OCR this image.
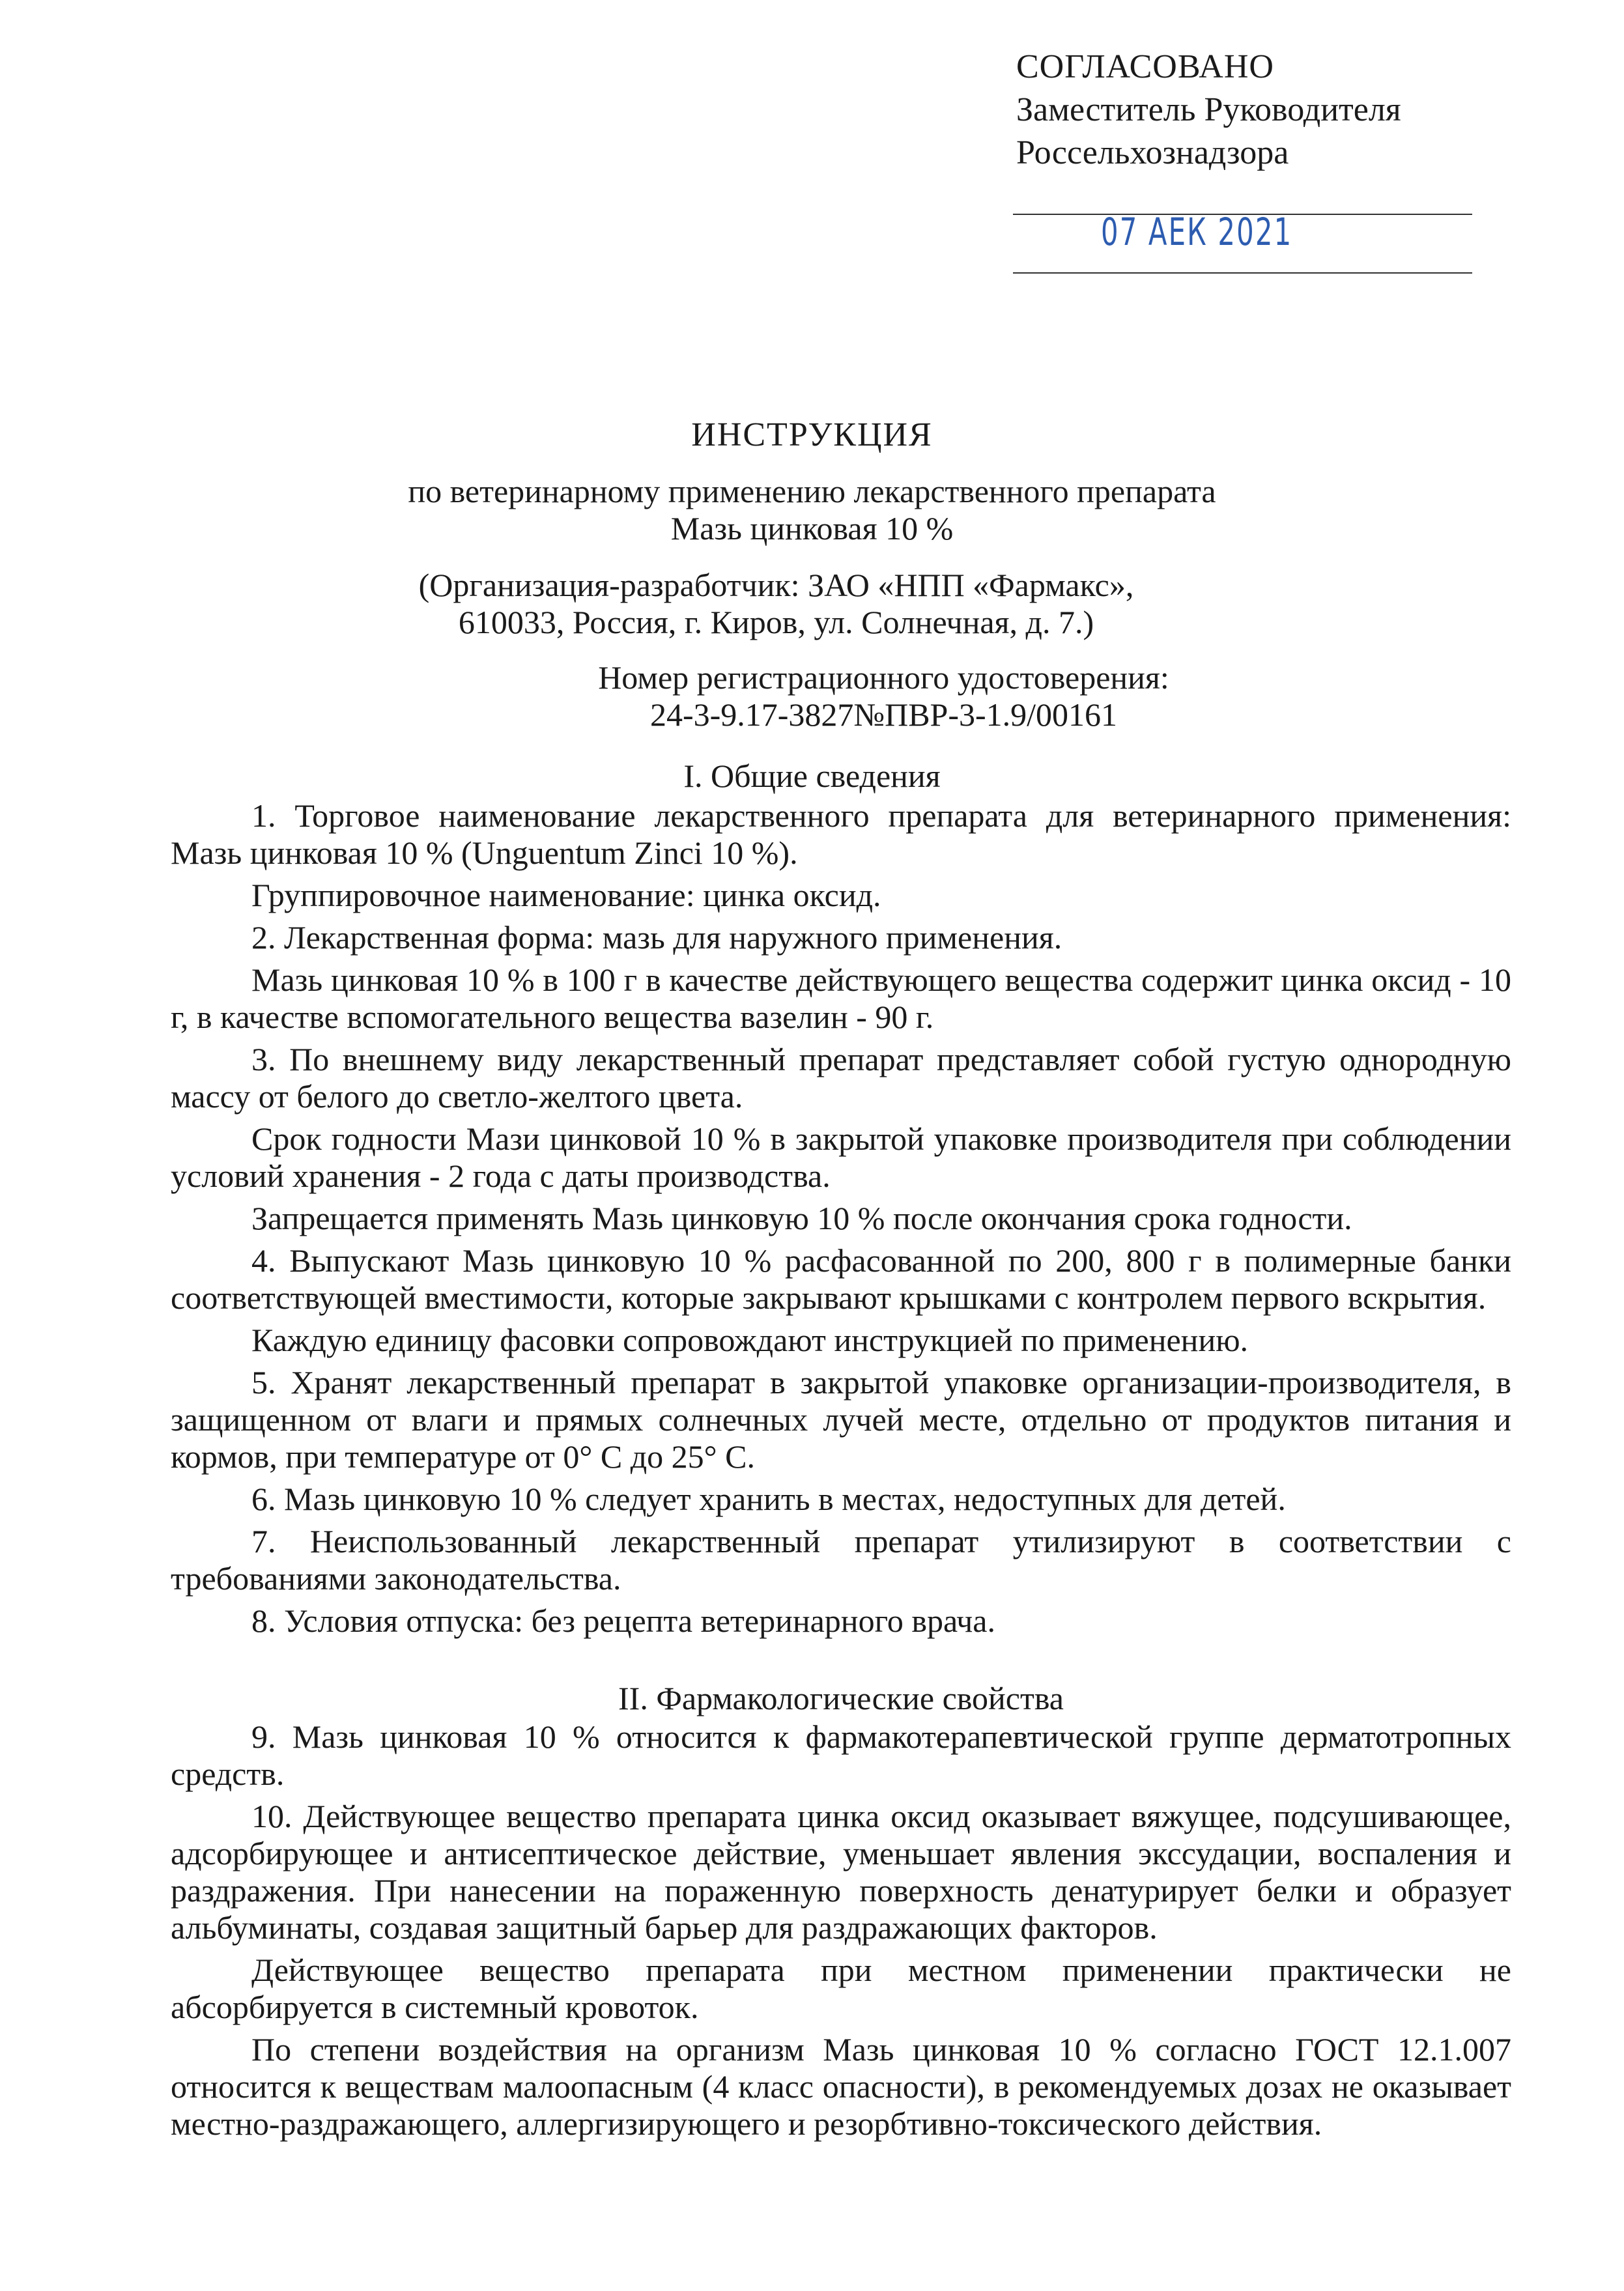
СОГЛАСОВАНО
Заместитель Руководителя
Россельхознадзора
07 АЕК 2021
ИНСТРУКЦИЯ
по ветеринарному применению лекарственного препарата
Мазь цинковая 10 %
(Организация-разработчик: ЗАО «НПП «Фармакс»,
610033, Россия, г. Киров, ул. Солнечная, д. 7.)
Номер регистрационного удостоверения:
24-3-9.17-3827№ПВР-3-1.9/00161
I. Общие сведения

1. Торговое наименование лекарственного препарата для ветеринарного применения: Мазь цинковая 10 % (Unguentum Zinci 10 %).

Группировочное наименование: цинка оксид.

2. Лекарственная форма: мазь для наружного применения.

Мазь цинковая 10 % в 100 г в качестве действующего вещества содержит цинка оксид - 10 г, в качестве вспомогательного вещества вазелин - 90 г.

3. По внешнему виду лекарственный препарат представляет собой густую однородную массу от белого до светло-желтого цвета.

Срок годности Мази цинковой 10 % в закрытой упаковке производителя при соблюдении условий хранения - 2 года с даты производства.

Запрещается применять Мазь цинковую 10 % после окончания срока годности.

4. Выпускают Мазь цинковую 10 % расфасованной по 200, 800 г в полимерные банки соответствующей вместимости, которые закрывают крышками с контролем первого вскрытия.

Каждую единицу фасовки сопровождают инструкцией по применению.

5. Хранят лекарственный препарат в закрытой упаковке организации-производителя, в защищенном от влаги и прямых солнечных лучей месте, отдельно от продуктов питания и кормов, при температуре от 0° С до 25° С.

6. Мазь цинковую 10 % следует хранить в местах, недоступных для детей.

7. Неиспользованный лекарственный препарат утилизируют в соответствии с требованиями законодательства.

8. Условия отпуска: без рецепта ветеринарного врача.

II. Фармакологические свойства

9. Мазь цинковая 10 % относится к фармакотерапевтической группе дерматотропных средств.

10. Действующее вещество препарата цинка оксид оказывает вяжущее, подсушивающее, адсорбирующее и антисептическое действие, уменьшает явления экссудации, воспаления и раздражения. При нанесении на пораженную поверхность денатурирует белки и образует альбуминаты, создавая защитный барьер для раздражающих факторов.

Действующее вещество препарата при местном применении практически не абсорбируется в системный кровоток.

По степени воздействия на организм Мазь цинковая 10 % согласно ГОСТ 12.1.007 относится к веществам малоопасным (4 класс опасности), в рекомендуемых дозах не оказывает местно-раздражающего, аллергизирующего и резорбтивно-токсического действия.
